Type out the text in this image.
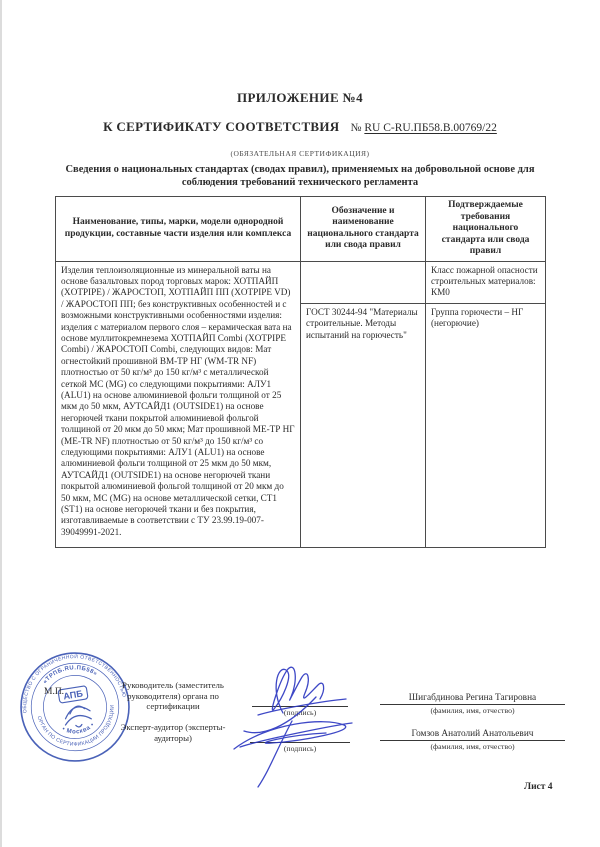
ПРИЛОЖЕНИЕ №4
К СЕРТИФИКАТУ СООТВЕТСТВИЯ № RU C-RU.ПБ58.В.00769/22
(ОБЯЗАТЕЛЬНАЯ СЕРТИФИКАЦИЯ)
Сведения о национальных стандартах (сводах правил), применяемых на добровольной основе для соблюдения требований технического регламента
Наименование, типы, марки, модели однородной продукции, составные части изделия или комплекса	Обозначение и наименование национального стандарта или свода правил	Подтверждаемые требования национального стандарта или свода правил
Изделия теплоизоляционные из минеральной ваты на основе базальтовых пород торговых марок: ХОТПАЙП (XOTPIPE) / ЖАРОСТОП, ХОТПАЙП ПП (XOTPIPE VD) / ЖАРОСТОП ПП; без конструктивных особенностей и с возможными конструктивными особенностями изделия: изделия с материалом первого слоя – керамическая вата на основе муллитокремнезема ХОТПАЙП Combi (XOTPIPE Combi) / ЖАРОСТОП Combi, следующих видов: Мат огнестойкий прошивной ВМ-ТР НГ (WM-TR NF) плотностью от 50 кг/м³ до 150 кг/м³ с металлической сеткой МС (MG) со следующими покрытиями: АЛУ1 (ALU1) на основе алюминиевой фольги толщиной от 25 мкм до 50 мкм, АУТСАЙД1 (OUTSIDE1) на основе негорючей ткани покрытой алюминиевой фольгой толщиной от 20 мкм до 50 мкм; Мат прошивной МЕ-ТР НГ (ME-TR NF) плотностью от 50 кг/м³ до 150 кг/м³ со следующими покрытиями: АЛУ1 (ALU1) на основе алюминиевой фольги толщиной от 25 мкм до 50 мкм, АУТСАЙД1 (OUTSIDE1) на основе негорючей ткани покрытой алюминиевой фольгой толщиной от 20 мкм до 50 мкм, МС (MG) на основе металлической сетки, СТ1 (ST1) на основе негорючей ткани и без покрытия, изготавливаемые в соответствии с ТУ 23.99.19-007-39049991-2021.		Класс пожарной опасности строительных материалов: КМ0
	ГОСТ 30244-94 "Материалы строительные. Методы испытаний на горючесть"	Группа горючести – НГ (негорючие)
ОБЩЕСТВО С ОГРАНИЧЕННОЙ ОТВЕТСТВЕННОСТЬЮ
«ТРПБ.RU.ПБ58»
ОРГАН ПО СЕРТИФИКАЦИИ ПРОДУКЦИИ
• Москва •
АПБ
М.П.
Руководитель (заместитель руководителя) органа по сертификации
Эксперт-аудитор (эксперты-аудиторы)
(подпись)
(подпись)
Шигабдинова Регина Тагировна
(фамилия, имя, отчество)
Гомзов Анатолий Анатольевич
(фамилия, имя, отчество)
Лист 4
